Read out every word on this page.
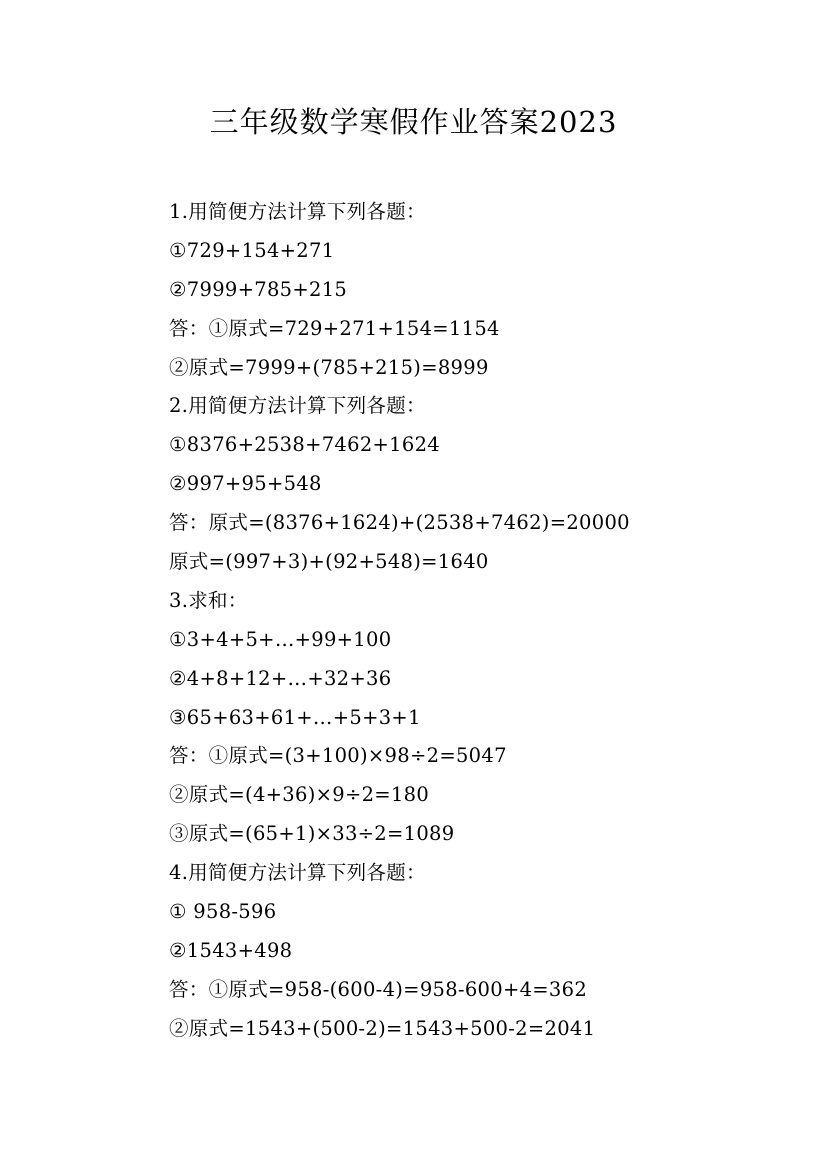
三年级数学寒假作业答案2023

1.用简便方法计算下列各题：

①729+154+271

②7999+785+215

答：①原式=729+271+154=1154

②原式=7999+(785+215)=8999

2.用简便方法计算下列各题：

①8376+2538+7462+1624

②997+95+548

答：原式=(8376+1624)+(2538+7462)=20000

原式=(997+3)+(92+548)=1640

3.求和：

①3+4+5+…+99+100

②4+8+12+…+32+36

③65+63+61+…+5+3+1

答：①原式=(3+100)×98÷2=5047

②原式=(4+36)×9÷2=180

③原式=(65+1)×33÷2=1089

4.用简便方法计算下列各题：

① 958-596

②1543+498

答：①原式=958-(600-4)=958-600+4=362

②原式=1543+(500-2)=1543+500-2=2041
